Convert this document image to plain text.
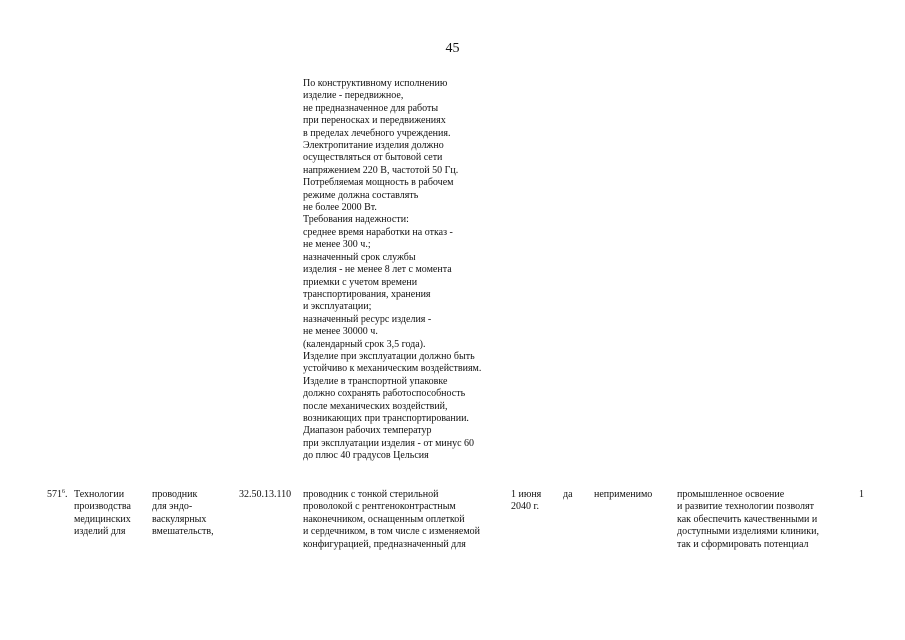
45
По конструктивному исполнению
изделие - передвижное,
не предназначенное для работы
при переносках и передвижениях
в пределах лечебного учреждения.
Электропитание изделия должно
осуществляться от бытовой сети
напряжением 220 В, частотой 50 Гц.
Потребляемая мощность в рабочем
режиме должна составлять
не более 2000 Вт.
Требования надежности:
среднее время наработки на отказ -
не менее 300 ч.;
назначенный срок службы
изделия - не менее 8 лет с момента
приемки с учетом времени
транспортирования, хранения
и эксплуатации;
назначенный ресурс изделия -
не менее 30000 ч.
(календарный срок 3,5 года).
Изделие при эксплуатации должно быть
устойчиво к механическим воздействиям.
Изделие в транспортной упаковке
должно сохранять работоспособность
после механических воздействий,
возникающих при транспортировании.
Диапазон рабочих температур
при эксплуатации изделия - от минус 60
до плюс 40 градусов Цельсия
$571^6$. Технологии
производства
медицинских
изделий для
проводник
для эндо-
васкулярных
вмешательств,
32.50.13.110 проводник с тонкой стерильной
проволокой с рентгеноконтрастным
наконечником, оснащенным оплеткой
и сердечником, в том числе с изменяемой
конфигурацией, предназначенный для
1 июня
2040 г.
да неприменимо промышленное освоение
и развитие технологии позволят
как обеспечить качественными и
доступными изделиями клиники,
так и сформировать потенциал
1
